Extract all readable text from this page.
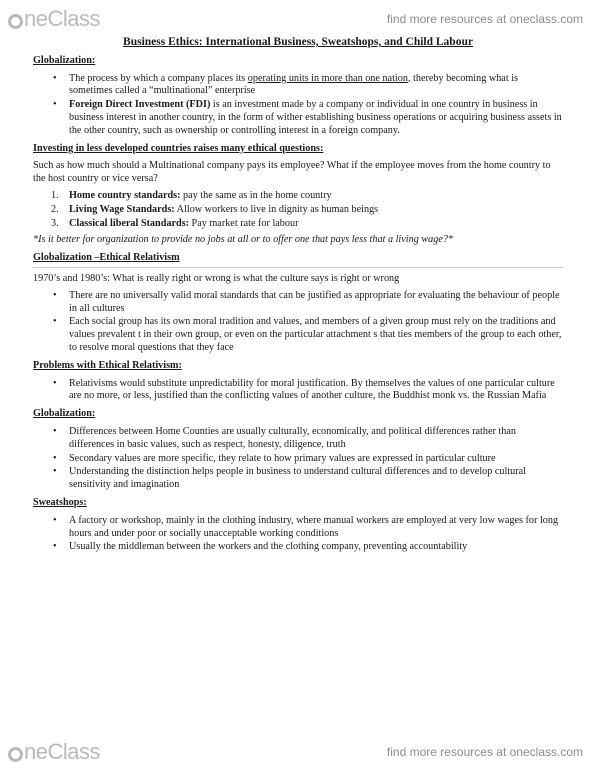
neClass	find more resources at oneclass.com
Business Ethics: International Business, Sweatshops, and Child Labour
Globalization:
• The process by which a company places its operating units in more than one nation, thereby becoming what is sometimes called a “multinational” enterprise
• Foreign Direct Investment (FDI) is an investment made by a company or individual in one country in business in business interest in another country, in the form of wither establishing business operations or acquiring business assets in the other country, such as ownership or controlling interest in a foreign company.
Investing in less developed countries raises many ethical questions:

Such as how much should a Multinational company pays its employee? What if the employee moves from the home country to the host country or vice versa?

1. Home country standards: pay the same as in the home country
2. Living Wage Standards: Allow workers to live in dignity as human beings
3. Classical liberal Standards: Pay market rate for labour

*Is it better for organization to provide no jobs at all or to offer one that pays less that a living wage?*

Globalization –Ethical Relativism

1970’s and 1980’s: What is really right or wrong is what the culture says is right or wrong

• There are no universally valid moral standards that can be justified as appropriate for evaluating the behaviour of people in all cultures
• Each social group has its own moral tradition and values, and members of a given group must rely on the traditions and values prevalent t in their own group, or even on the particular attachment s that ties members of the group to each other, to resolve moral questions that they face
Problems with Ethical Relativism:
• Relativisms would substitute unpredictability for moral justification. By themselves the values of one particular culture are no more, or less, justified than the conflicting values of another culture, the Buddhist monk vs. the Russian Mafia
Globalization:
• Differences between Home Counties are usually culturally, economically, and political differences rather than differences in basic values, such as respect, honesty, diligence, truth
• Secondary values are more specific, they relate to how primary values are expressed in particular culture
• Understanding the distinction helps people in business to understand cultural differences and to develop cultural sensitivity and imagination
Sweatshops:
• A factory or workshop, mainly in the clothing industry, where manual workers are employed at very low wages for long hours and under poor or socially unacceptable working conditions
• Usually the middleman between the workers and the clothing company, preventing accountability
neClass	find more resources at oneclass.com
